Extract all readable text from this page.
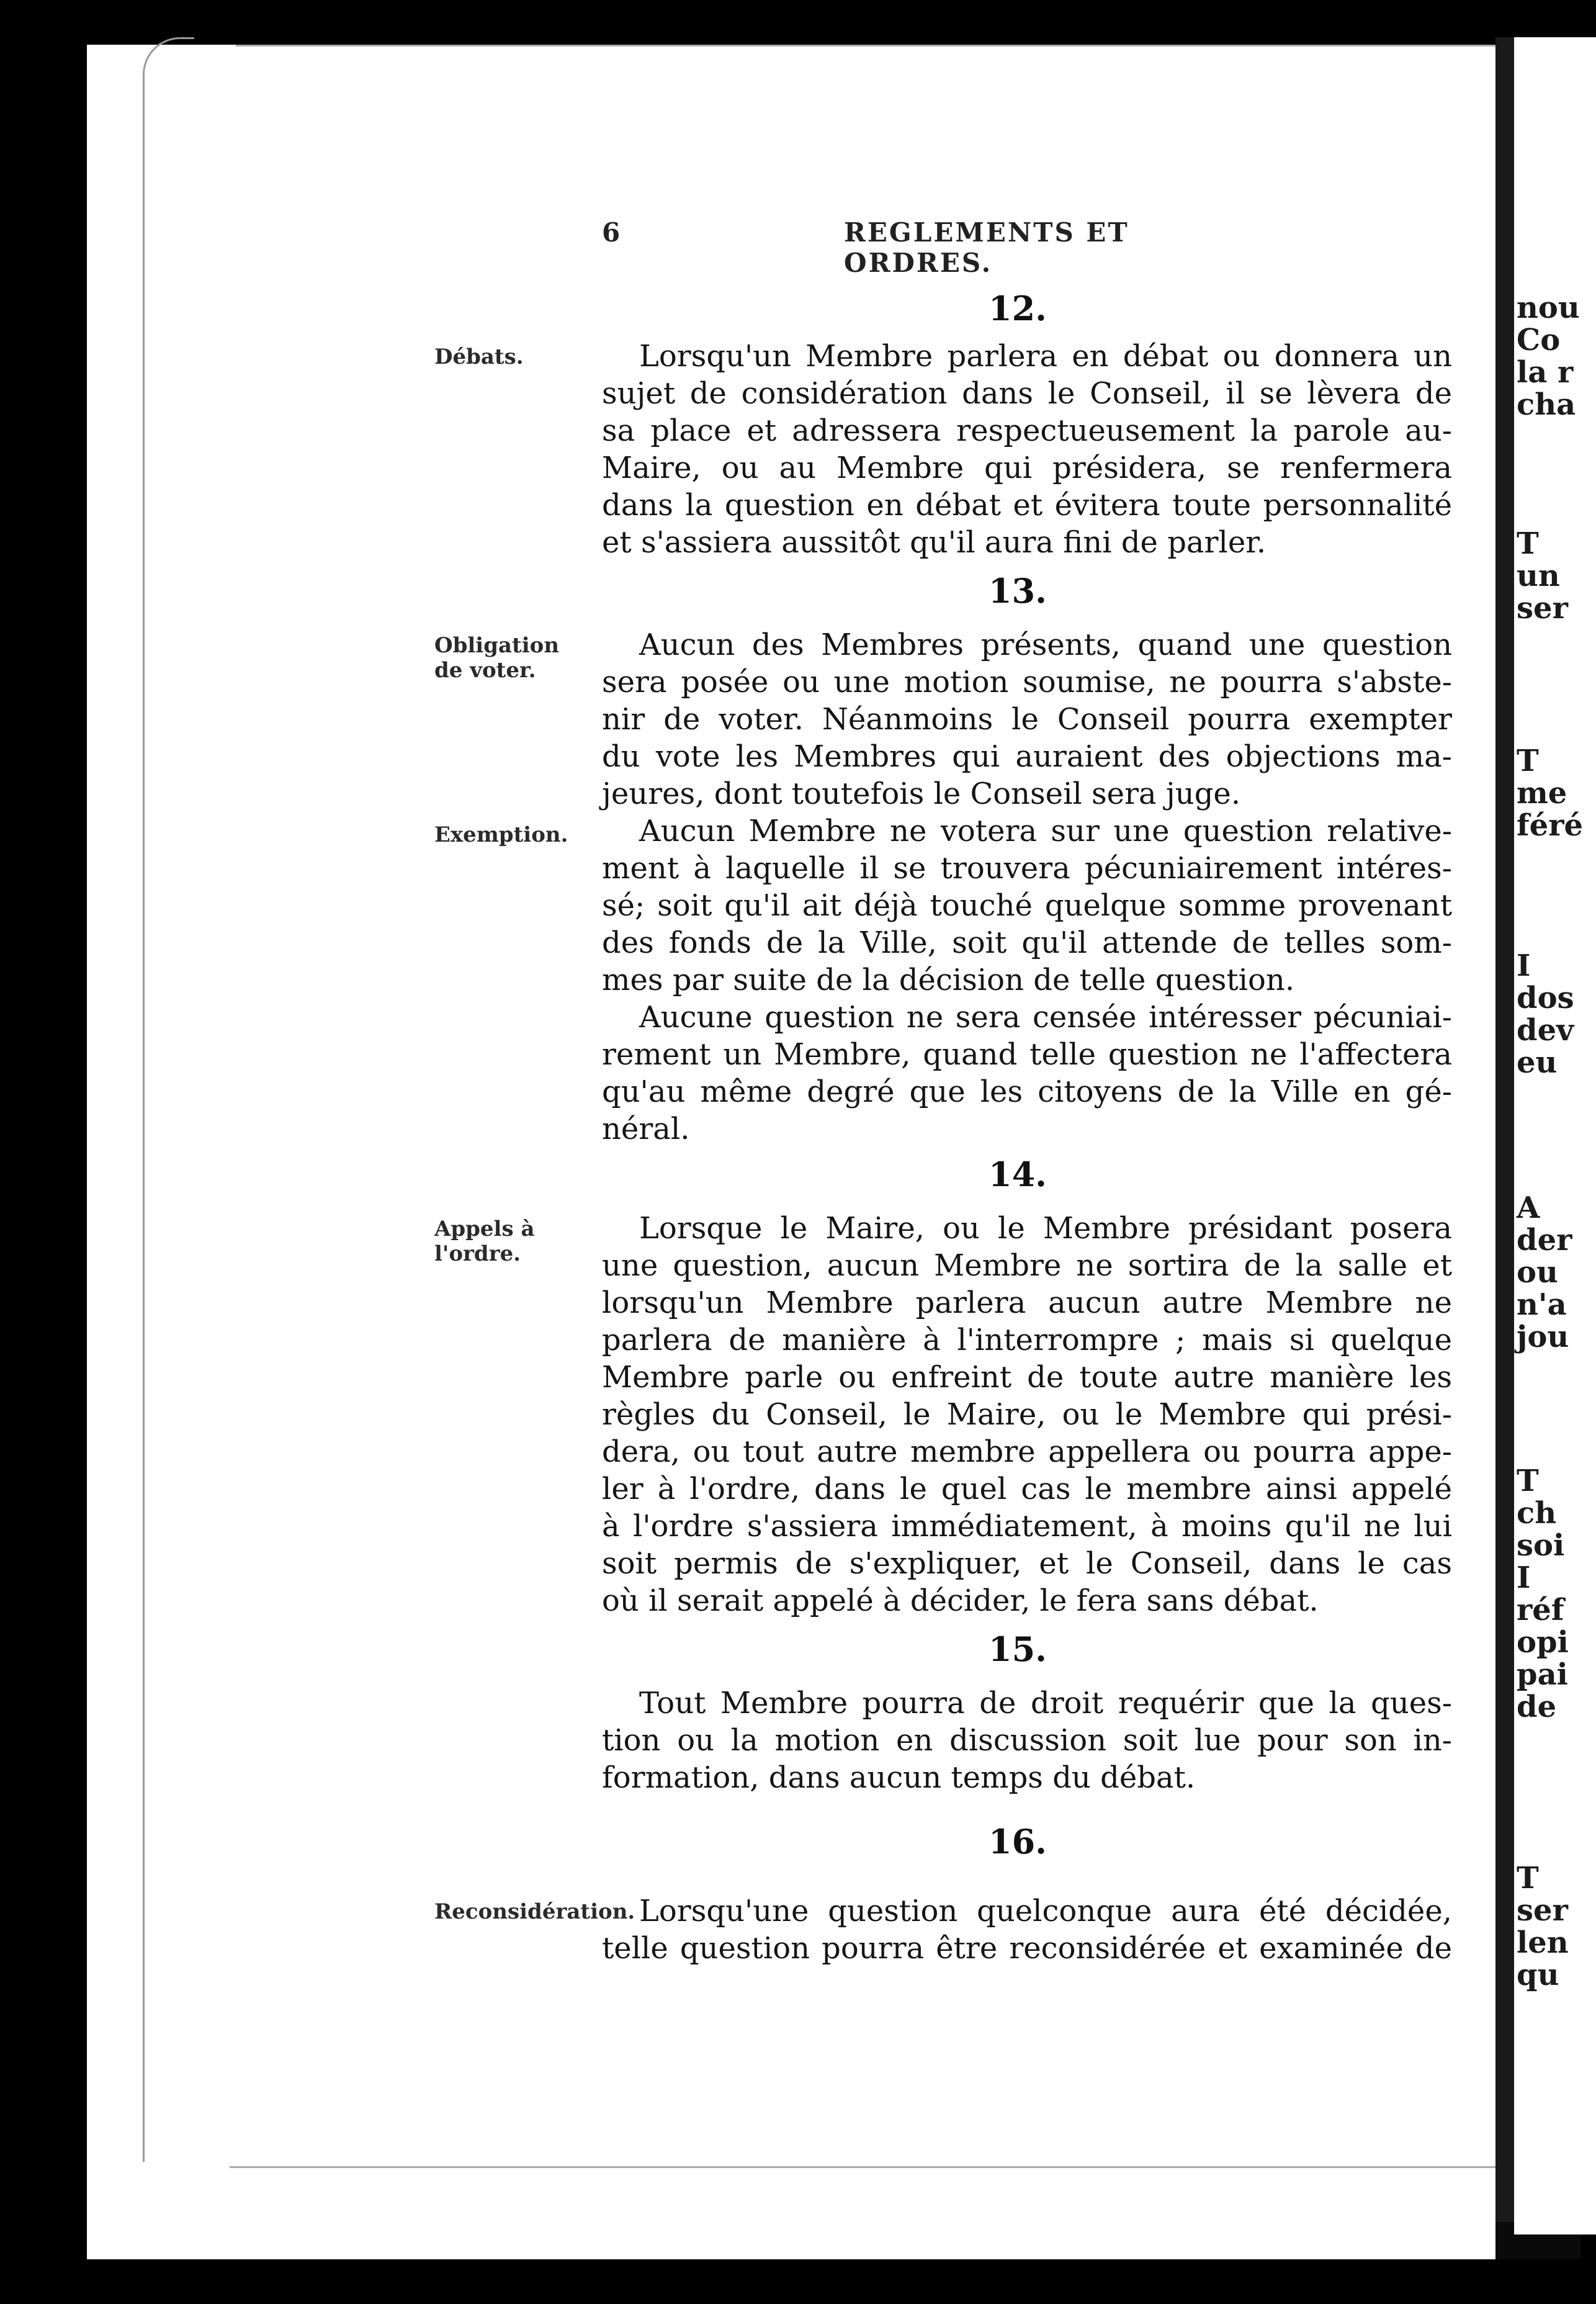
nou
Co
la r
cha
T
un
ser
T
me
féré
I
dos
dev
eu
A
der
ou
n'a
jou
T
ch
soi
I
réf
opi
pai
de
T
ser
len
qu
6	REGLEMENTS ET ORDRES.
12.
Débats.	Lorsqu'un Membre parlera en débat ou donnera un
sujet de considération dans le Conseil, il se lèvera de
sa place et adressera respectueusement la parole au-
Maire, ou au Membre qui présidera, se renfermera
dans la question en débat et évitera toute personnalité
et s'assiera aussitôt qu'il aura fini de parler.
13.
Obligation de voter.
Aucun des Membres présents, quand une question
sera posée ou une motion soumise, ne pourra s'abste-
nir de voter. Néanmoins le Conseil pourra exempter
du vote les Membres qui auraient des objections ma-
jeures, dont toutefois le Conseil sera juge.
Exemption.	Aucun Membre ne votera sur une question relative-
ment à laquelle il se trouvera pécuniairement intéres-
sé; soit qu'il ait déjà touché quelque somme provenant
des fonds de la Ville, soit qu'il attende de telles som-
mes par suite de la décision de telle question.
Aucune question ne sera censée intéresser pécuniai-
rement un Membre, quand telle question ne l'affectera
qu'au même degré que les citoyens de la Ville en gé-
néral.
14.
Appels à l'ordre.
Lorsque le Maire, ou le Membre présidant posera
une question, aucun Membre ne sortira de la salle et
lorsqu'un Membre parlera aucun autre Membre ne
parlera de manière à l'interrompre ; mais si quelque
Membre parle ou enfreint de toute autre manière les
règles du Conseil, le Maire, ou le Membre qui prési-
dera, ou tout autre membre appellera ou pourra appe-
ler à l'ordre, dans le quel cas le membre ainsi appelé
à l'ordre s'assiera immédiatement, à moins qu'il ne lui
soit permis de s'expliquer, et le Conseil, dans le cas
où il serait appelé à décider, le fera sans débat.
15.
Tout Membre pourra de droit requérir que la ques-
tion ou la motion en discussion soit lue pour son in-
formation, dans aucun temps du débat.
16.
Reconsidération. Lorsqu'une question quelconque aura été décidée,
telle question pourra être reconsidérée et examinée de
